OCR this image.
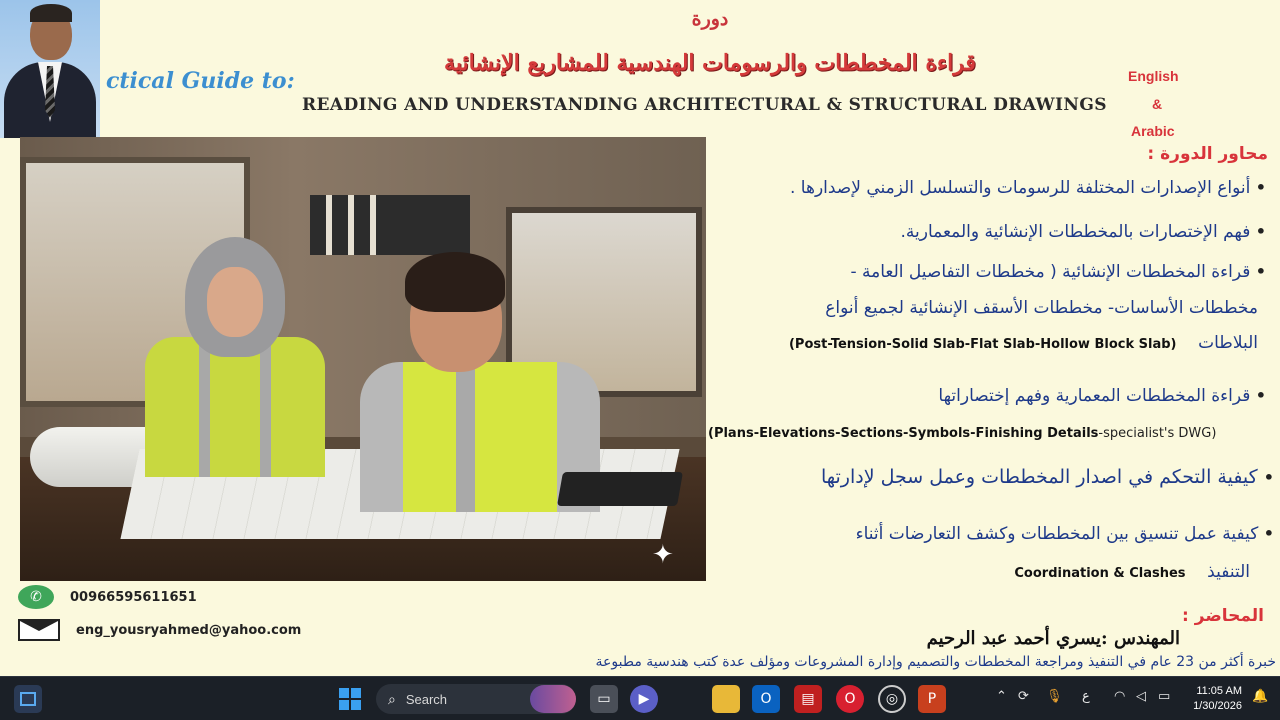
دورة
ctical Guide to:
قراءة المخططات والرسومات الهندسية للمشاريع الإنشائية
READING AND UNDERSTANDING ARCHITECTURAL & STRUCTURAL DRAWINGS
English
&
Arabic
✦
محاور الدورة :
• أنواع الإصدارات المختلفة للرسومات والتسلسل الزمني لإصدارها .
• فهم الإختصارات بالمخططات الإنشائية والمعمارية.
• قراءة المخططات الإنشائية ( مخططات التفاصيل العامة -
مخططات الأساسات- مخططات الأسقف الإنشائية لجميع أنواع
البلاطات    (Post-Tension-Solid Slab-Flat Slab-Hollow Block Slab)
• قراءة المخططات المعمارية وفهم إختصاراتها
(Plans-Elevations-Sections-Symbols-Finishing Details-specialist's DWG)
• كيفية التحكم في اصدار المخططات وعمل سجل لإدارتها
• كيفية عمل تنسيق بين المخططات وكشف التعارضات أثناء
التنفيذ    Coordination & Clashes
✆	00966595611651
eng_yousryahmed@yahoo.com
المحاضر :
المهندس :يسري أحمد عبد الرحيم
خبرة أكثر من 23 عام في التنفيذ ومراجعة المخططات والتصميم وإدارة المشروعات ومؤلف عدة كتب هندسية مطبوعة
⌕ Search	▭	▶	O	▤	O	◎	P	⌃ ⟳ 🎙 ع ◠ ◁ ▭ 11:05 AM
1/30/2026
🔔
